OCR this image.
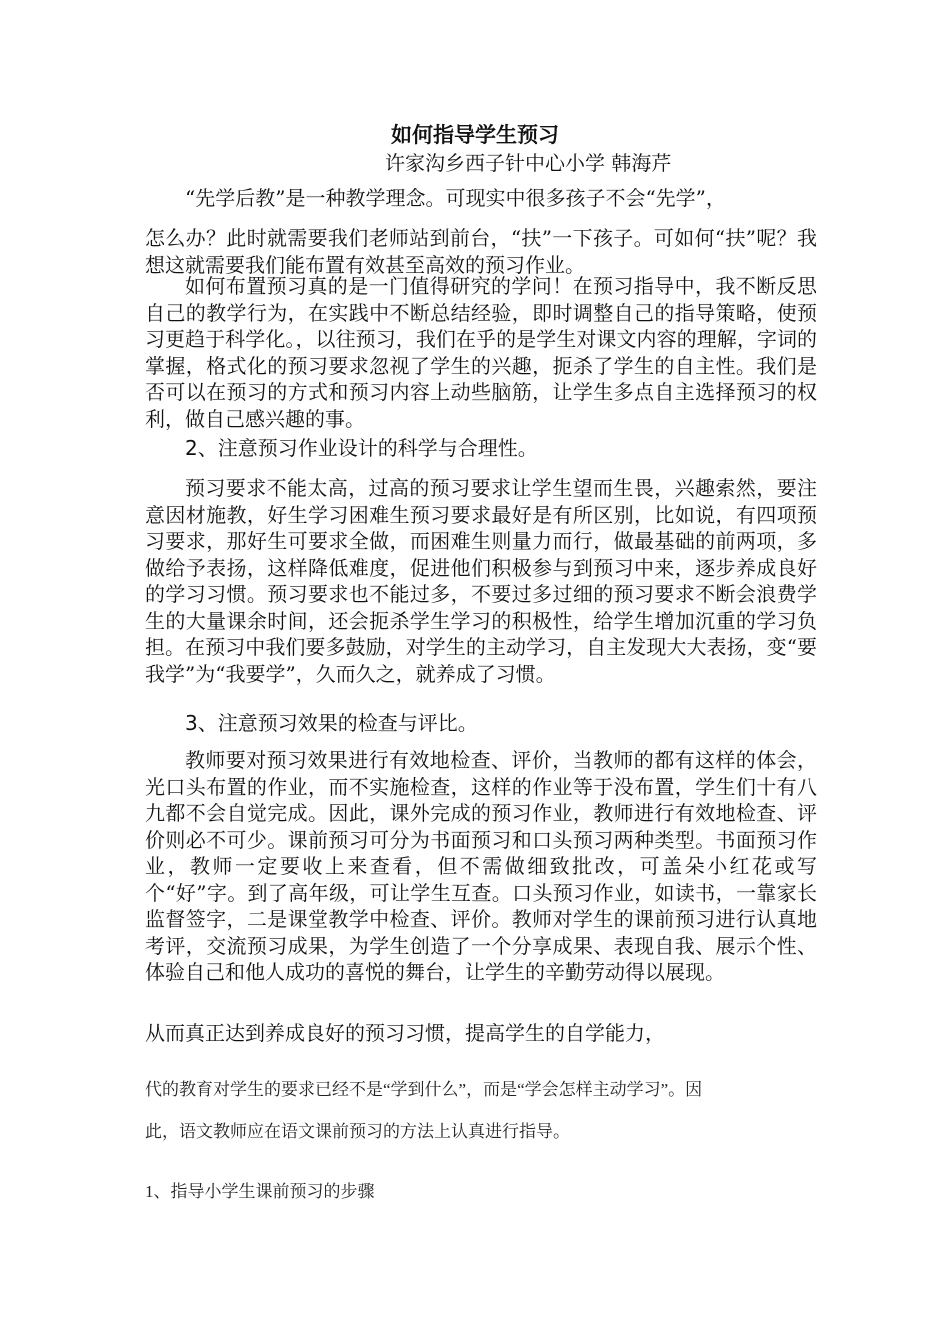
如何指导学生预习

许家沟乡西子针中心小学 韩海芹

“先学后教”是一种教学理念。可现实中很多孩子不会“先学”，

怎么办？此时就需要我们老师站到前台，“扶”一下孩子。可如何“扶”呢？我想这就需要我们能布置有效甚至高效的预习作业。

如何布置预习真的是一门值得研究的学问！在预习指导中，我不断反思自己的教学行为，在实践中不断总结经验，即时调整自己的指导策略，使预习更趋于科学化。，以往预习，我们在乎的是学生对课文内容的理解，字词的掌握，格式化的预习要求忽视了学生的兴趣，扼杀了学生的自主性。我们是否可以在预习的方式和预习内容上动些脑筋，让学生多点自主选择预习的权利，做自己感兴趣的事。

2、注意预习作业设计的科学与合理性。

预习要求不能太高，过高的预习要求让学生望而生畏，兴趣索然，要注意因材施教，好生学习困难生预习要求最好是有所区别，比如说，有四项预习要求，那好生可要求全做，而困难生则量力而行，做最基础的前两项，多做给予表扬，这样降低难度，促进他们积极参与到预习中来，逐步养成良好的学习习惯。预习要求也不能过多，不要过多过细的预习要求不断会浪费学生的大量课余时间，还会扼杀学生学习的积极性，给学生增加沉重的学习负担。在预习中我们要多鼓励，对学生的主动学习，自主发现大大表扬，变“要我学”为“我要学”，久而久之，就养成了习惯。

3、注意预习效果的检查与评比。

教师要对预习效果进行有效地检查、评价，当教师的都有这样的体会，光口头布置的作业，而不实施检查，这样的作业等于没布置，学生们十有八九都不会自觉完成。因此，课外完成的预习作业，教师进行有效地检查、评价则必不可少。课前预习可分为书面预习和口头预习两种类型。书面预习作业，教师一定要收上来查看，但不需做细致批改，可盖朵小红花或写个“好”字。到了高年级，可让学生互查。口头预习作业，如读书，一靠家长监督签字，二是课堂教学中检查、评价。教师对学生的课前预习进行认真地考评，交流预习成果，为学生创造了一个分享成果、表现自我、展示个性、体验自己和他人成功的喜悦的舞台，让学生的辛勤劳动得以展现。

从而真正达到养成良好的预习习惯，提高学生的自学能力，

代的教育对学生的要求已经不是“学到什么”，而是“学会怎样主动学习”。因

此，语文教师应在语文课前预习的方法上认真进行指导。

1、指导小学生课前预习的步骤
